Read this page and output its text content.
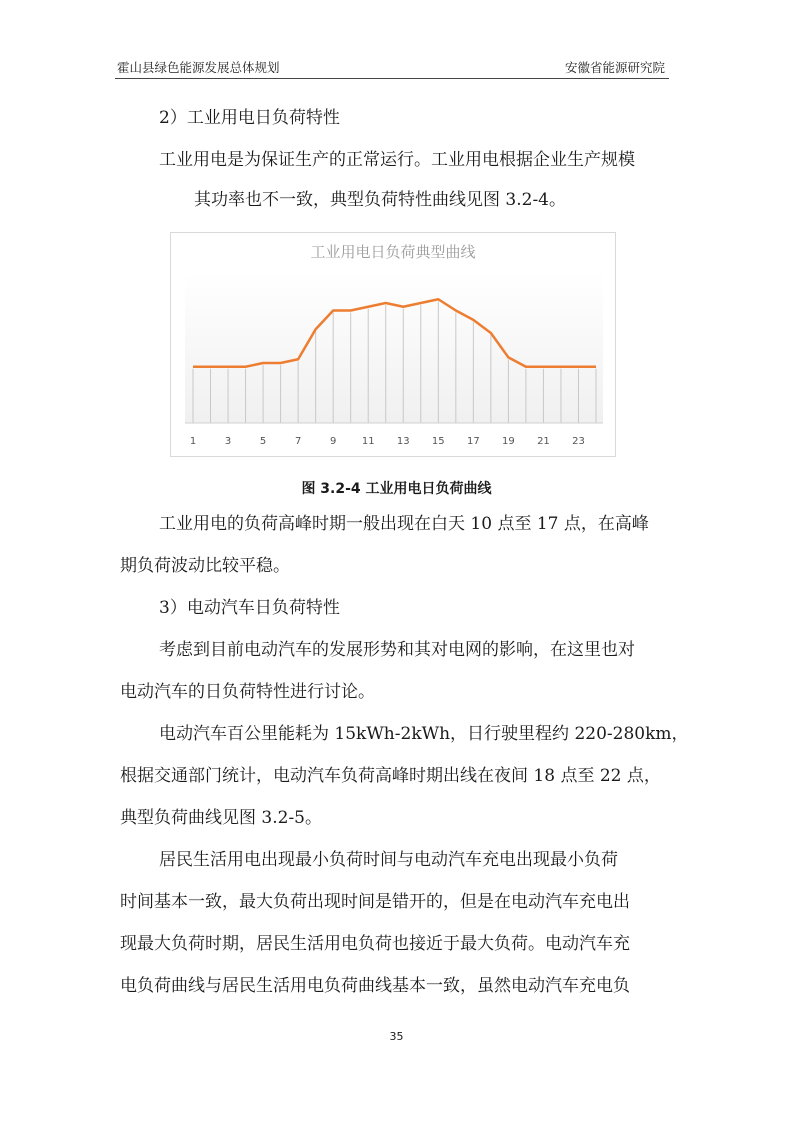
霍山县绿色能源发展总体规划	安徽省能源研究院
2）工业用电日负荷特性
工业用电是为保证生产的正常运行。工业用电根据企业生产规模
其功率也不一致，典型负荷特性曲线见图 3.2-4。
工业用电日负荷典型曲线
1	3	5	7	9	11 13 15 17 19 21 23
图 3.2-4 工业用电日负荷曲线
工业用电的负荷高峰时期一般出现在白天 10 点至 17 点，在高峰
期负荷波动比较平稳。
3）电动汽车日负荷特性
考虑到目前电动汽车的发展形势和其对电网的影响，在这里也对
电动汽车的日负荷特性进行讨论。
电动汽车百公里能耗为 15kWh-2kWh，日行驶里程约 220-280km，
根据交通部门统计，电动汽车负荷高峰时期出线在夜间 18 点至 22 点，
典型负荷曲线见图 3.2-5。
居民生活用电出现最小负荷时间与电动汽车充电出现最小负荷
时间基本一致，最大负荷出现时间是错开的，但是在电动汽车充电出
现最大负荷时期，居民生活用电负荷也接近于最大负荷。电动汽车充
电负荷曲线与居民生活用电负荷曲线基本一致，虽然电动汽车充电负
35
